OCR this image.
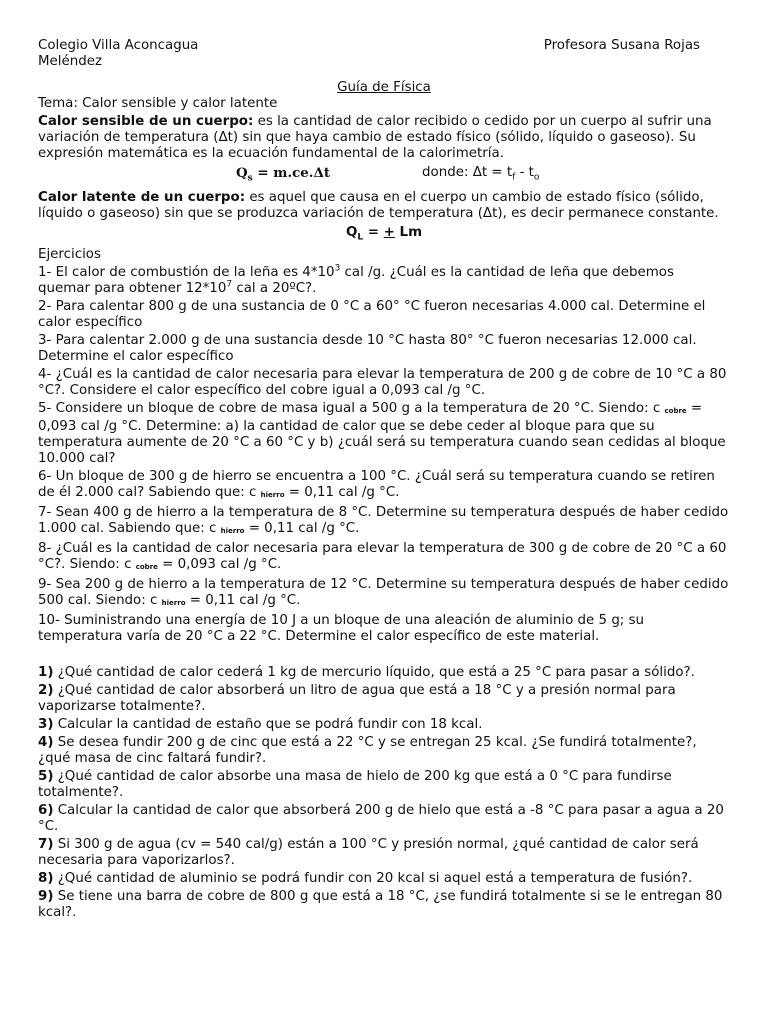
Colegio Villa Aconcagua	Profesora Susana Rojas
Meléndez
Guía de Física

Tema: Calor sensible y calor latente

Calor sensible de un cuerpo: es la cantidad de calor recibido o cedido por un cuerpo al sufrir una variación de temperatura (Δt) sin que haya cambio de estado físico (sólido, líquido o gaseoso). Su expresión matemática es la ecuación fundamental de la calorimetría.

$Q_s = m.ce.\Delta t$	donde: $\Delta t = t_f - t_o$

Calor latente de un cuerpo: es aquel que causa en el cuerpo un cambio de estado físico (sólido, líquido o gaseoso) sin que se produzca variación de temperatura (Δt), es decir permanece constante.

$Q_L$ = + Lm

Ejercicios

1- El calor de combustión de la leña es $4*10^3$ cal /g. ¿Cuál es la cantidad de leña que debemos quemar para obtener $12*10^7$ cal a 20ºC?.

2- Para calentar 800 g de una sustancia de 0 °C a 60° °C fueron necesarias 4.000 cal. Determine el calor específico

3- Para calentar 2.000 g de una sustancia desde 10 °C hasta 80° °C fueron necesarias 12.000 cal. Determine el calor específico

4- ¿Cuál es la cantidad de calor necesaria para elevar la temperatura de 200 g de cobre de 10 °C a 80 °C?. Considere el calor específico del cobre igual a 0,093 cal /g °C.

5- Considere un bloque de cobre de masa igual a 500 g a la temperatura de 20 °C. Siendo: c $_{cobre}$ = 0,093 cal /g °C. Determine: a) la cantidad de calor que se debe ceder al bloque para que su temperatura aumente de 20 °C a 60 °C y b) ¿cuál será su temperatura cuando sean cedidas al bloque 10.000 cal?

6- Un bloque de 300 g de hierro se encuentra a 100 °C. ¿Cuál será su temperatura cuando se retiren de él 2.000 cal? Sabiendo que: c $_{hierro}$ = 0,11 cal /g °C.

7- Sean 400 g de hierro a la temperatura de 8 °C. Determine su temperatura después de haber cedido 1.000 cal. Sabiendo que: c $_{hierro}$ = 0,11 cal /g °C.

8- ¿Cuál es la cantidad de calor necesaria para elevar la temperatura de 300 g de cobre de 20 °C a 60 °C?. Siendo: c $_{cobre}$ = 0,093 cal /g °C.

9- Sea 200 g de hierro a la temperatura de 12 °C. Determine su temperatura después de haber cedido 500 cal. Siendo: c $_{hierro}$ = 0,11 cal /g °C.

10- Suministrando una energía de 10 J a un bloque de una aleación de aluminio de 5 g; su temperatura varía de 20 °C a 22 °C. Determine el calor específico de este material.

1) ¿Qué cantidad de calor cederá 1 kg de mercurio líquido, que está a 25 °C para pasar a sólido?.

2) ¿Qué cantidad de calor absorberá un litro de agua que está a 18 °C y a presión normal para vaporizarse totalmente?.

3) Calcular la cantidad de estaño que se podrá fundir con 18 kcal.

4) Se desea fundir 200 g de cinc que está a 22 °C y se entregan 25 kcal. ¿Se fundirá totalmente?, ¿qué masa de cinc faltará fundir?.

5) ¿Qué cantidad de calor absorbe una masa de hielo de 200 kg que está a 0 °C para fundirse totalmente?.

6) Calcular la cantidad de calor que absorberá 200 g de hielo que está a -8 °C para pasar a agua a 20 °C.

7) Si 300 g de agua (cv = 540 cal/g) están a 100 °C y presión normal, ¿qué cantidad de calor será necesaria para vaporizarlos?.

8) ¿Qué cantidad de aluminio se podrá fundir con 20 kcal si aquel está a temperatura de fusión?.

9) Se tiene una barra de cobre de 800 g que está a 18 °C, ¿se fundirá totalmente si se le entregan 80 kcal?.
